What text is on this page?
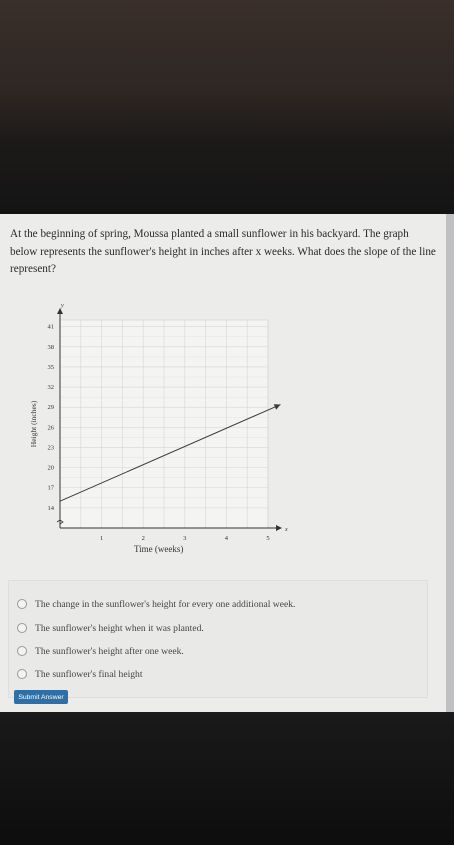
At the beginning of spring, Moussa planted a small sunflower in his backyard. The graph below represents the sunflower's height in inches after x weeks. What does the slope of the line represent?
1	2	3	4	5
14
17
20
23
26
29
32
35
38
41
x
y
Height (inches)
Time (weeks)
The change in the sunflower's height for every one additional week.
The sunflower's height when it was planted.
The sunflower's height after one week.
The sunflower's final height
Submit Answer
